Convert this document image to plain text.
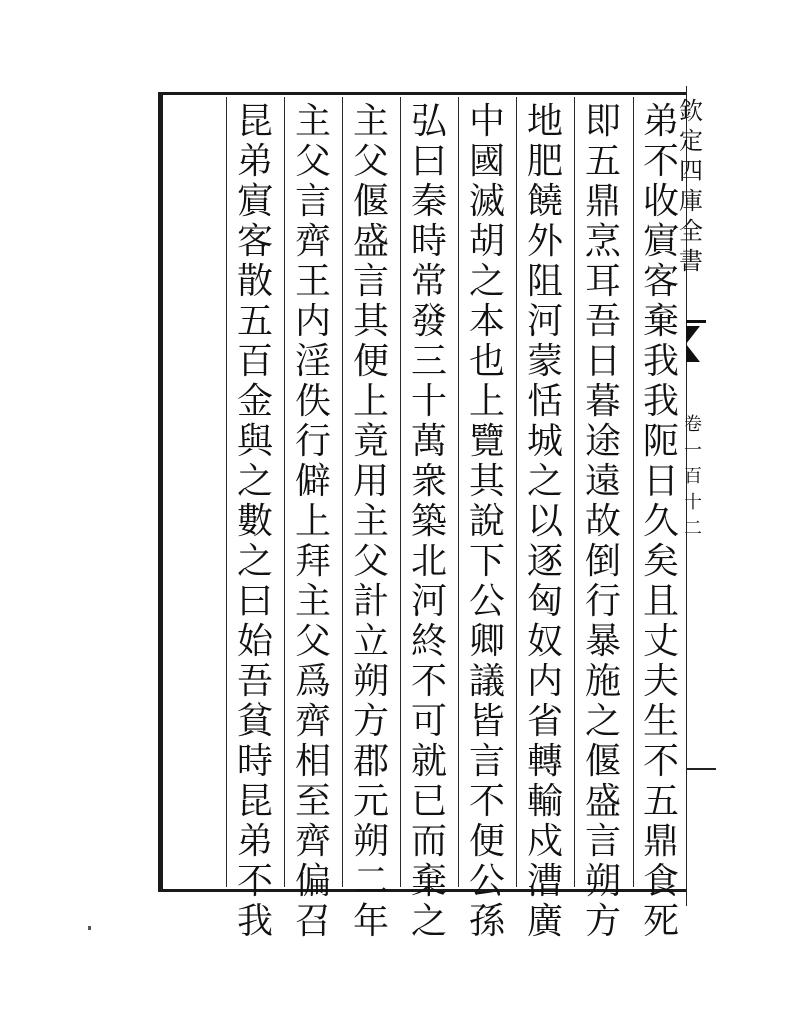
弟
不
收
賔
客
棄
我
我
阨
日
久
矣
且
丈
夫
生
不
五
鼎
食
死
即
五
鼎
烹
耳
吾
日
暮
途
遠
故
倒
行
暴
施
之
偃
盛
言
朔
方
地
肥
饒
外
阻
河
蒙
恬
城
之
以
逐
匈
奴
内
省
轉
輸
戍
漕
廣
中
國
滅
胡
之
本
也
上
覽
其
說
下
公
卿
議
皆
言
不
便
公
孫
弘
曰
秦
時
常
發
三
十
萬
衆
築
北
河
終
不
可
就
已
而
棄
之
主
父
偃
盛
言
其
便
上
竟
用
主
父
計
立
朔
方
郡
元
朔
二
年
主
父
言
齊
王
内
淫
佚
行
僻
上
拜
主
父
爲
齊
相
至
齊
偏
召
昆
弟
賔
客
散
五
百
金
與
之
數
之
曰
始
吾
貧
時
昆
弟
不
我
欽定四庫全書
卷一百十二
